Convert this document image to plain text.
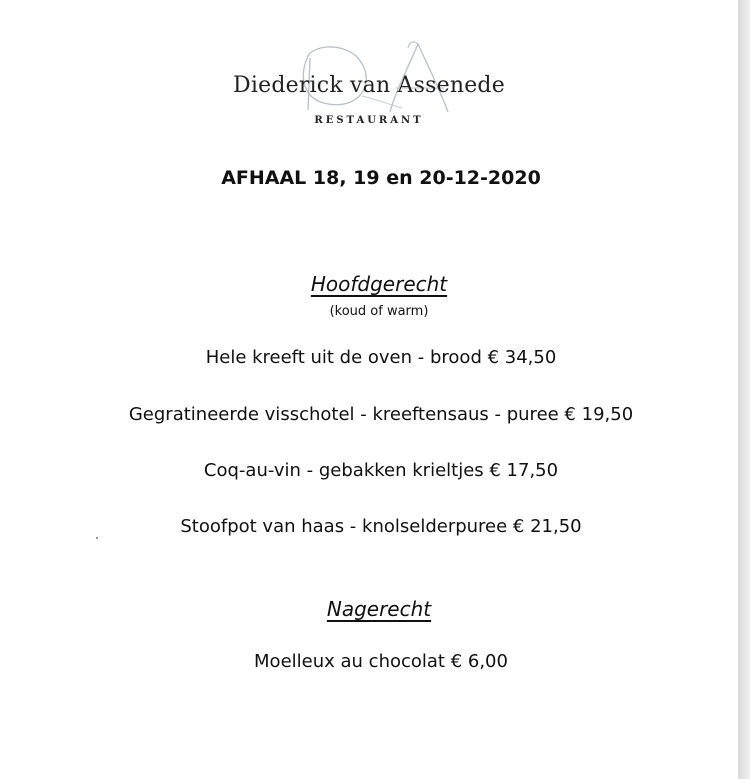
Diederick van Assenede
RESTAURANT
AFHAAL 18, 19 en 20-12-2020
Hoofdgerecht
(koud of warm)
Hele kreeft uit de oven - brood € 34,50
Gegratineerde visschotel - kreeftensaus - puree € 19,50
Coq-au-vin - gebakken krieltjes € 17,50
Stoofpot van haas - knolselderpuree € 21,50
Nagerecht
Moelleux au chocolat € 6,00
